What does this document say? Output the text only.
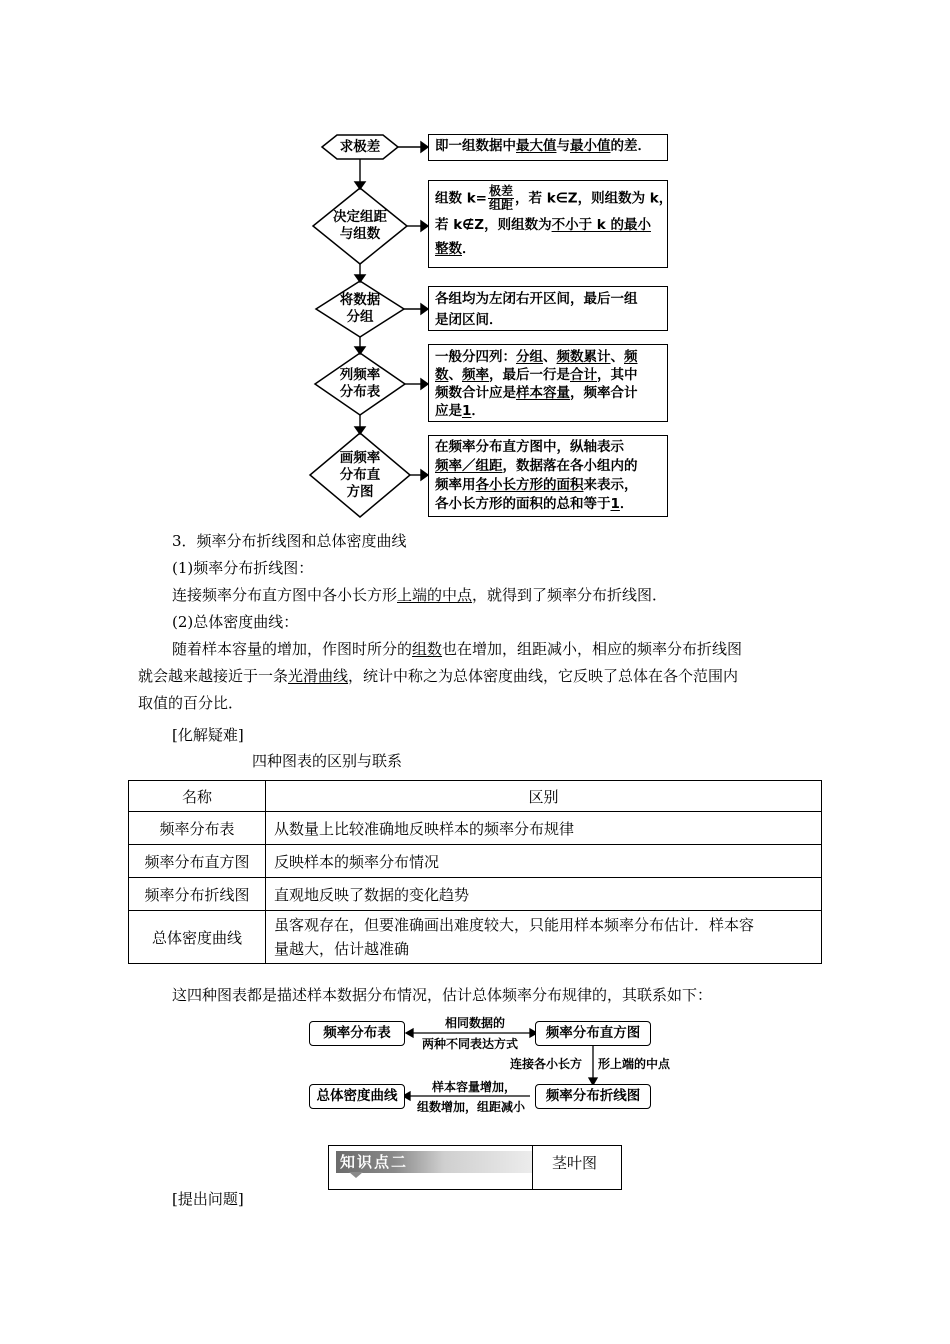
求极差
决定组距
与组数
将数据
分组
列频率
分布表
画频率
分布直
方图
即一组数据中最大值与最小值的差．
组数 $k= \frac{\text{极差}}{\text{组距}}$ ，若 k∈Z，则组数为 k，
若 k∉Z，则组数为不小于 k 的最小
整数．
各组均为左闭右开区间，最后一组
是闭区间．
一般分四列：分组、频数累计、频
数、频率，最后一行是合计，其中
频数合计应是样本容量，频率合计
应是1．
在频率分布直方图中，纵轴表示
频率／组距，数据落在各小组内的
频率用各小长方形的面积来表示，
各小长方形的面积的总和等于1．
3．频率分布折线图和总体密度曲线
(1)频率分布折线图：
连接频率分布直方图中各小长方形上端的中点，就得到了频率分布折线图．
(2)总体密度曲线：
随着样本容量的增加，作图时所分的组数也在增加，组距减小，相应的频率分布折线图
就会越来越接近于一条光滑曲线，统计中称之为总体密度曲线，它反映了总体在各个范围内
取值的百分比．
[化解疑难]
四种图表的区别与联系
名称	区别
频率分布表	从数量上比较准确地反映样本的频率分布规律
频率分布直方图	反映样本的频率分布情况
频率分布折线图	直观地反映了数据的变化趋势
总体密度曲线	虽客观存在，但要准确画出难度较大，只能用样本频率分布估计．样本容
量越大，估计越准确
这四种图表都是描述样本数据分布情况，估计总体频率分布规律的，其联系如下：
频率分布表	频率分布直方图
总体密度曲线	频率分布折线图
相同数据的
两种不同表达方式
连接各小长方 形上端的中点
样本容量增加，
组数增加，组距减小
知识点二	茎叶图
[提出问题]
